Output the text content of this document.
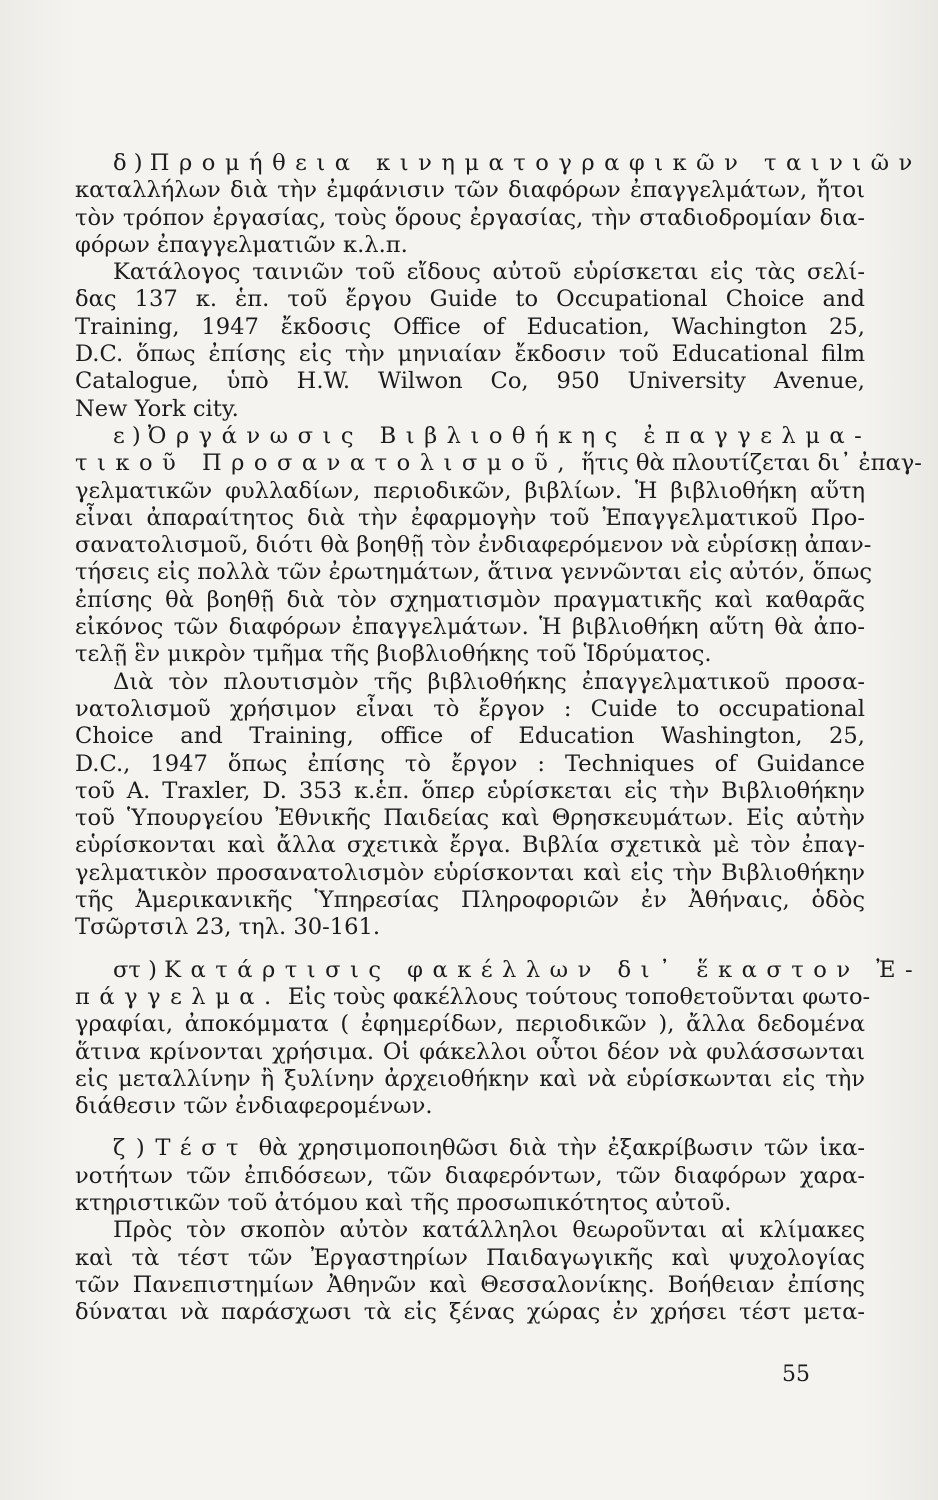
δ ) Προμήθεια κινηματογραφικῶν ταινιῶν
καταλλήλων διὰ τὴν ἐμφάνισιν τῶν διαφόρων ἐπαγγελμάτων, ἤτοι
τὸν τρόπον ἐργασίας, τοὺς ὅρους ἐργασίας, τὴν σταδιοδρομίαν δια-
φόρων ἐπαγγελματιῶν κ.λ.π.
Κατάλογος ταινιῶν τοῦ εἴδους αὐτοῦ εὑρίσκεται εἰς τὰς σελί-
δας 137 κ. ἑπ. τοῦ ἔργου Guide to Occupational Choice and
Training, 1947 ἔκδοσις Office of Education, Wachington 25,
D.C. ὅπως ἐπίσης εἰς τὴν μηνιαίαν ἔκδοσιν τοῦ Educational film
Catalogue, ὑπὸ H.W. Wilwon Co, 950 University Avenue,
New York city.
ε ) Ὀργάνωσις Βιβλιοθήκης ἐπαγγελμα-
τικοῦ Προσανατολισμοῦ, ἥτις θὰ πλουτίζεται δι᾿ ἐπαγ-
γελματικῶν φυλλαδίων, περιοδικῶν, βιβλίων. Ἡ βιβλιοθήκη αὕτη
εἶναι ἀπαραίτητος διὰ τὴν ἐφαρμογὴν τοῦ Ἐπαγγελματικοῦ Προ-
σανατολισμοῦ, διότι θὰ βοηθῇ τὸν ἐνδιαφερόμενον νὰ εὑρίσκῃ ἀπαν-
τήσεις εἰς πολλὰ τῶν ἐρωτημάτων, ἅτινα γεννῶνται εἰς αὐτόν, ὅπως
ἐπίσης θὰ βοηθῇ διὰ τὸν σχηματισμὸν πραγματικῆς καὶ καθαρᾶς
εἰκόνος τῶν διαφόρων ἐπαγγελμάτων. Ἡ βιβλιοθήκη αὕτη θὰ ἀπο-
τελῇ ἓν μικρὸν τμῆμα τῆς βιοβλιοθήκης τοῦ Ἱδρύματος.
Διὰ τὸν πλουτισμὸν τῆς βιβλιοθήκης ἐπαγγελματικοῦ προσα-
νατολισμοῦ χρήσιμον εἶναι τὸ ἔργον : Cuide to occupational
Choice and Training, office of Education Washington, 25,
D.C., 1947 ὅπως ἐπίσης τὸ ἔργον : Techniques of Guidance
τοῦ A. Traxler, D. 353 κ.ἑπ. ὅπερ εὑρίσκεται εἰς τὴν Βιβλιοθήκην
τοῦ Ὑπουργείου Ἐθνικῆς Παιδείας καὶ Θρησκευμάτων. Εἰς αὐτὴν
εὑρίσκονται καὶ ἄλλα σχετικὰ ἔργα. Βιβλία σχετικὰ μὲ τὸν ἐπαγ-
γελματικὸν προσανατολισμὸν εὑρίσκονται καὶ εἰς τὴν Βιβλιοθήκην
τῆς Ἀμερικανικῆς Ὑπηρεσίας Πληροφοριῶν ἐν Ἀθήναις, ὁδὸς
Τσῶρτσιλ 23, τηλ. 30-161.
στ ) Κατάρτισις φακέλλων δι᾿ ἕκαστον Ἐ-
πάγγελμα. Εἰς τοὺς φακέλλους τούτους τοποθετοῦνται φωτο-
γραφίαι, ἀποκόμματα ( ἐφημερίδων, περιοδικῶν ), ἄλλα δεδομένα
ἅτινα κρίνονται χρήσιμα. Οἱ φάκελλοι οὗτοι δέον νὰ φυλάσσωνται
εἰς μεταλλίνην ἢ ξυλίνην ἀρχειοθήκην καὶ νὰ εὑρίσκωνται εἰς τὴν
διάθεσιν τῶν ἐνδιαφερομένων.
ζ ) Τέστ θὰ χρησιμοποιηθῶσι διὰ τὴν ἐξακρίβωσιν τῶν ἱκα-
νοτήτων τῶν ἐπιδόσεων, τῶν διαφερόντων, τῶν διαφόρων χαρα-
κτηριστικῶν τοῦ ἀτόμου καὶ τῆς προσωπικότητος αὐτοῦ.
Πρὸς τὸν σκοπὸν αὐτὸν κατάλληλοι θεωροῦνται αἱ κλίμακες
καὶ τὰ τέστ τῶν Ἐργαστηρίων Παιδαγωγικῆς καὶ ψυχολογίας
τῶν Πανεπιστημίων Ἀθηνῶν καὶ Θεσσαλονίκης. Βοήθειαν ἐπίσης
δύναται νὰ παράσχωσι τὰ εἰς ξένας χώρας ἐν χρήσει τέστ μετα-
55
